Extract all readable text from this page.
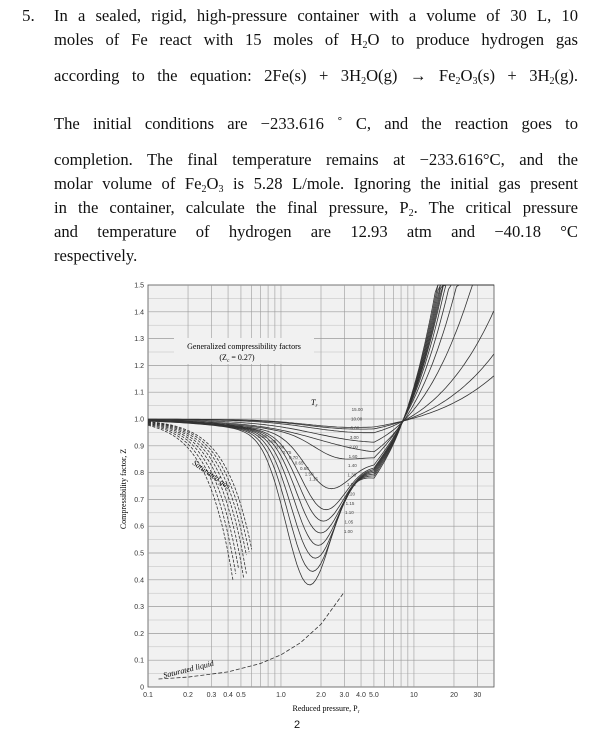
5. In a sealed, rigid, high-pressure container with a volume of 30 L, 10
moles of Fe react with 15 moles of $H_2O$ to produce hydrogen gas
according to the equation: $2Fe(s) + 3H_2O(g) \to Fe_2O_3(s) + 3H_2(g)$.
The initial conditions are −233.616 ˚ C, and the reaction goes to
completion. The final temperature remains at −233.616°C, and the
molar volume of $Fe_2O_3$ is 5.28 L/mole. Ignoring the initial gas present
in the container, calculate the final pressure, $P_2$. The critical pressure
and temperature of hydrogen are 12.93 atm and −40.18 °C
respectively.
0
0.1
0.2
0.3
0.4
0.5
0.6
0.7
0.8
0.9
1.0
1.1
1.2
1.3
1.4
1.5
0.1	0.2 0.3 0.4 0.5	1.0	2.0 3.0 4.0 5.0	10	20 30
Generalized compressibility factors
$(Z_c = 0.27)$
$T_r$
Saturated gas
Saturated liquid
15.00
10.00
6.00
3.00
2.00
1.60
1.40
1.30
1.25
1.20
1.15
1.10
1.05
1.00
0.95
0.90
0.85
0.80
0.75
0.70
0.65
0.60
1.50
1.15
Compressibility factor, Z
Reduced pressure, $P_r$
2
